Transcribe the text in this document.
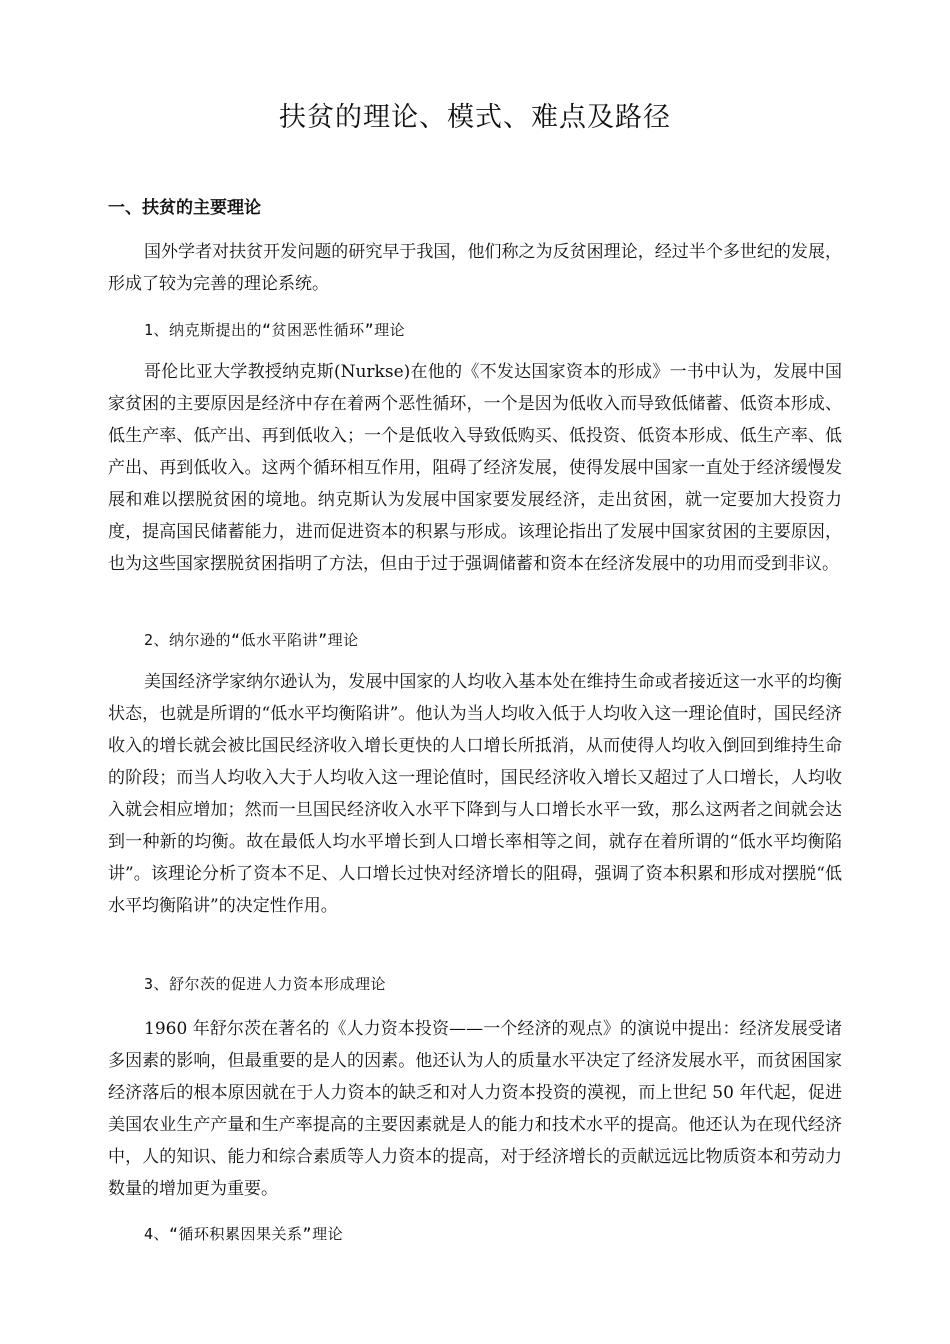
扶贫的理论、模式、难点及路径
一、扶贫的主要理论

国外学者对扶贫开发问题的研究早于我国，他们称之为反贫困理论，经过半个多世纪的发展，形成了较为完善的理论系统。

1、纳克斯提出的“贫困恶性循环”理论

哥伦比亚大学教授纳克斯(Nurkse)在他的《不发达国家资本的形成》一书中认为，发展中国家贫困的主要原因是经济中存在着两个恶性循环，一个是因为低收入而导致低储蓄、低资本形成、低生产率、低产出、再到低收入；一个是低收入导致低购买、低投资、低资本形成、低生产率、低产出、再到低收入。这两个循环相互作用，阻碍了经济发展，使得发展中国家一直处于经济缓慢发展和难以摆脱贫困的境地。纳克斯认为发展中国家要发展经济，走出贫困，就一定要加大投资力度，提高国民储蓄能力，进而促进资本的积累与形成。该理论指出了发展中国家贫困的主要原因，也为这些国家摆脱贫困指明了方法，但由于过于强调储蓄和资本在经济发展中的功用而受到非议。

2、纳尔逊的“低水平陷讲”理论

美国经济学家纳尔逊认为，发展中国家的人均收入基本处在维持生命或者接近这一水平的均衡状态，也就是所谓的“低水平均衡陷讲”。他认为当人均收入低于人均收入这一理论值时，国民经济收入的增长就会被比国民经济收入增长更快的人口增长所抵消，从而使得人均收入倒回到维持生命的阶段；而当人均收入大于人均收入这一理论值时，国民经济收入增长又超过了人口增长，人均收入就会相应增加；然而一旦国民经济收入水平下降到与人口增长水平一致，那么这两者之间就会达到一种新的均衡。故在最低人均水平增长到人口增长率相等之间，就存在着所谓的“低水平均衡陷讲”。该理论分析了资本不足、人口增长过快对经济增长的阻碍，强调了资本积累和形成对摆脱“低水平均衡陷讲”的决定性作用。

3、舒尔茨的促进人力资本形成理论

1960 年舒尔茨在著名的《人力资本投资——一个经济的观点》的演说中提出：经济发展受诸多因素的影响，但最重要的是人的因素。他还认为人的质量水平决定了经济发展水平，而贫困国家经济落后的根本原因就在于人力资本的缺乏和对人力资本投资的漠视，而上世纪 50 年代起，促进美国农业生产产量和生产率提高的主要因素就是人的能力和技术水平的提高。他还认为在现代经济中，人的知识、能力和综合素质等人力资本的提高，对于经济增长的贡献远远比物质资本和劳动力数量的增加更为重要。

4、“循环积累因果关系”理论
